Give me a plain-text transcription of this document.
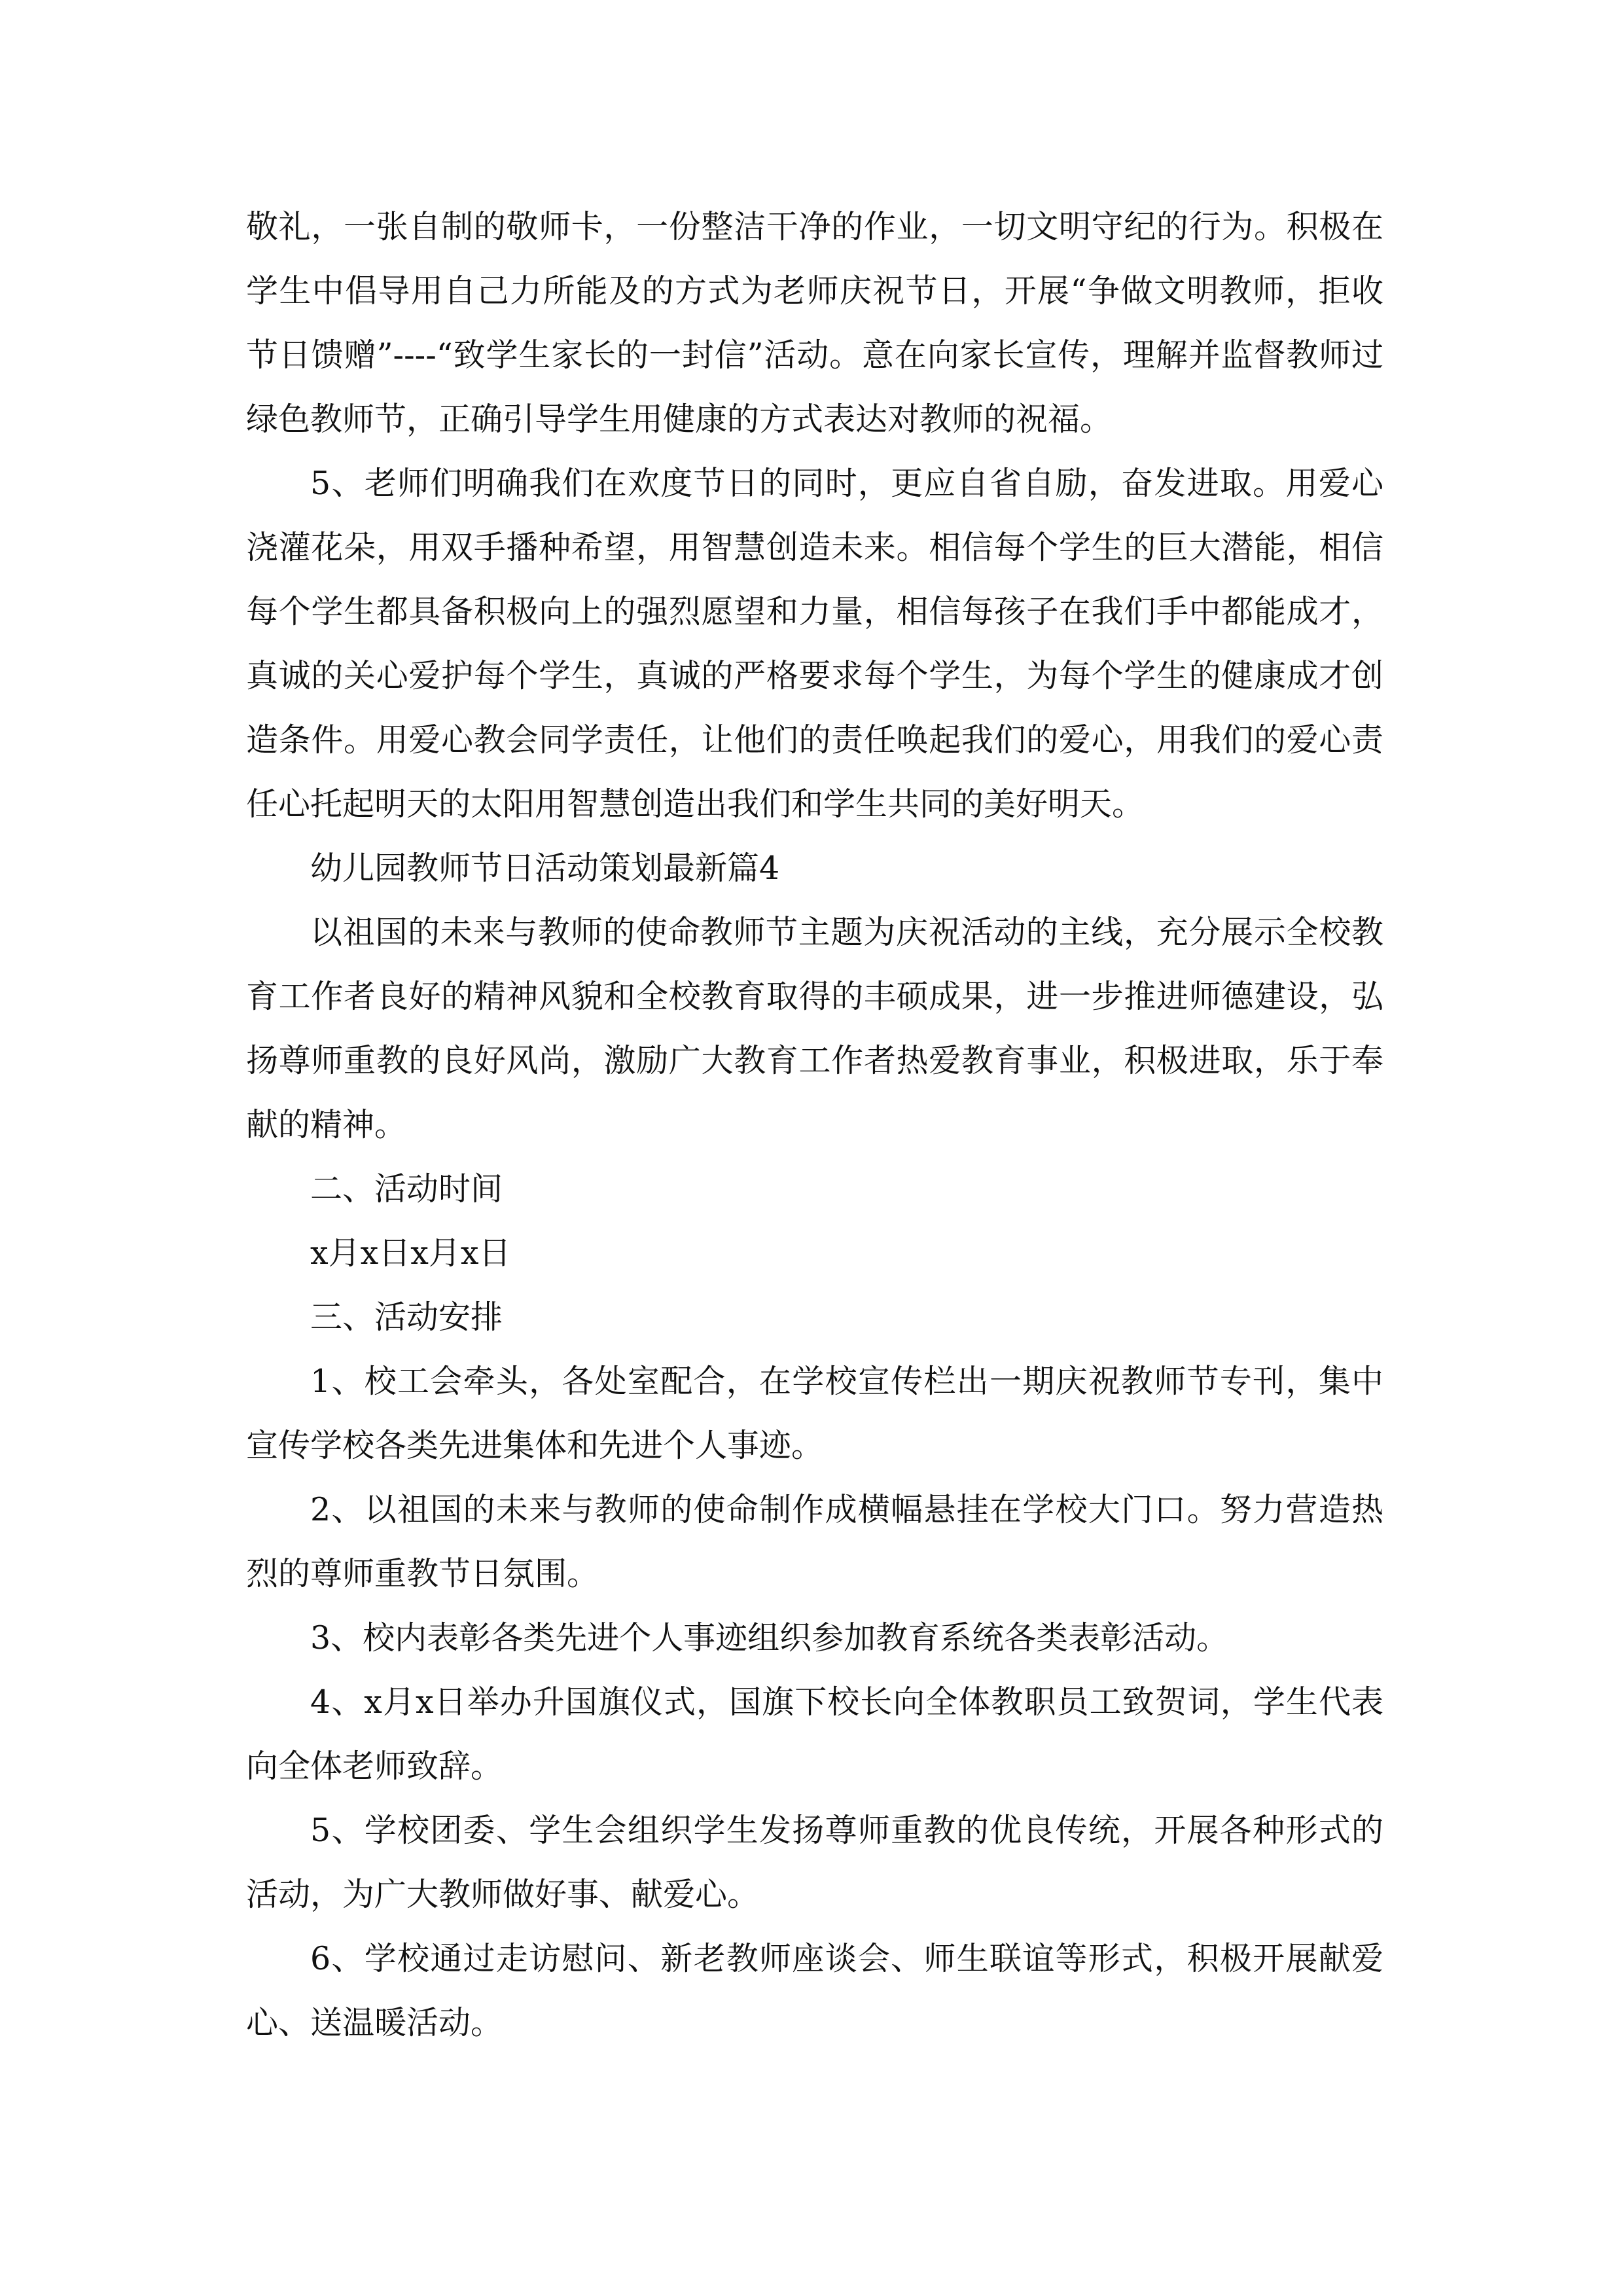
敬礼，一张自制的敬师卡，一份整洁干净的作业，一切文明守纪的行为。积极在学生中倡导用自己力所能及的方式为老师庆祝节日，开展“争做文明教师，拒收节日馈赠”----“致学生家长的一封信”活动。意在向家长宣传，理解并监督教师过绿色教师节，正确引导学生用健康的方式表达对教师的祝福。

5、老师们明确我们在欢度节日的同时，更应自省自励，奋发进取。用爱心浇灌花朵，用双手播种希望，用智慧创造未来。相信每个学生的巨大潜能，相信每个学生都具备积极向上的强烈愿望和力量，相信每孩子在我们手中都能成才，真诚的关心爱护每个学生，真诚的严格要求每个学生，为每个学生的健康成才创造条件。用爱心教会同学责任，让他们的责任唤起我们的爱心，用我们的爱心责任心托起明天的太阳用智慧创造出我们和学生共同的美好明天。

幼儿园教师节日活动策划最新篇4

以祖国的未来与教师的使命教师节主题为庆祝活动的主线，充分展示全校教育工作者良好的精神风貌和全校教育取得的丰硕成果，进一步推进师德建设，弘扬尊师重教的良好风尚，激励广大教育工作者热爱教育事业，积极进取，乐于奉献的精神。

二、活动时间

x月x日x月x日

三、活动安排

1、校工会牵头，各处室配合，在学校宣传栏出一期庆祝教师节专刊，集中宣传学校各类先进集体和先进个人事迹。

2、以祖国的未来与教师的使命制作成横幅悬挂在学校大门口。努力营造热烈的尊师重教节日氛围。

3、校内表彰各类先进个人事迹组织参加教育系统各类表彰活动。

4、x月x日举办升国旗仪式，国旗下校长向全体教职员工致贺词，学生代表向全体老师致辞。

5、学校团委、学生会组织学生发扬尊师重教的优良传统，开展各种形式的活动，为广大教师做好事、献爱心。

6、学校通过走访慰问、新老教师座谈会、师生联谊等形式，积极开展献爱心、送温暖活动。
